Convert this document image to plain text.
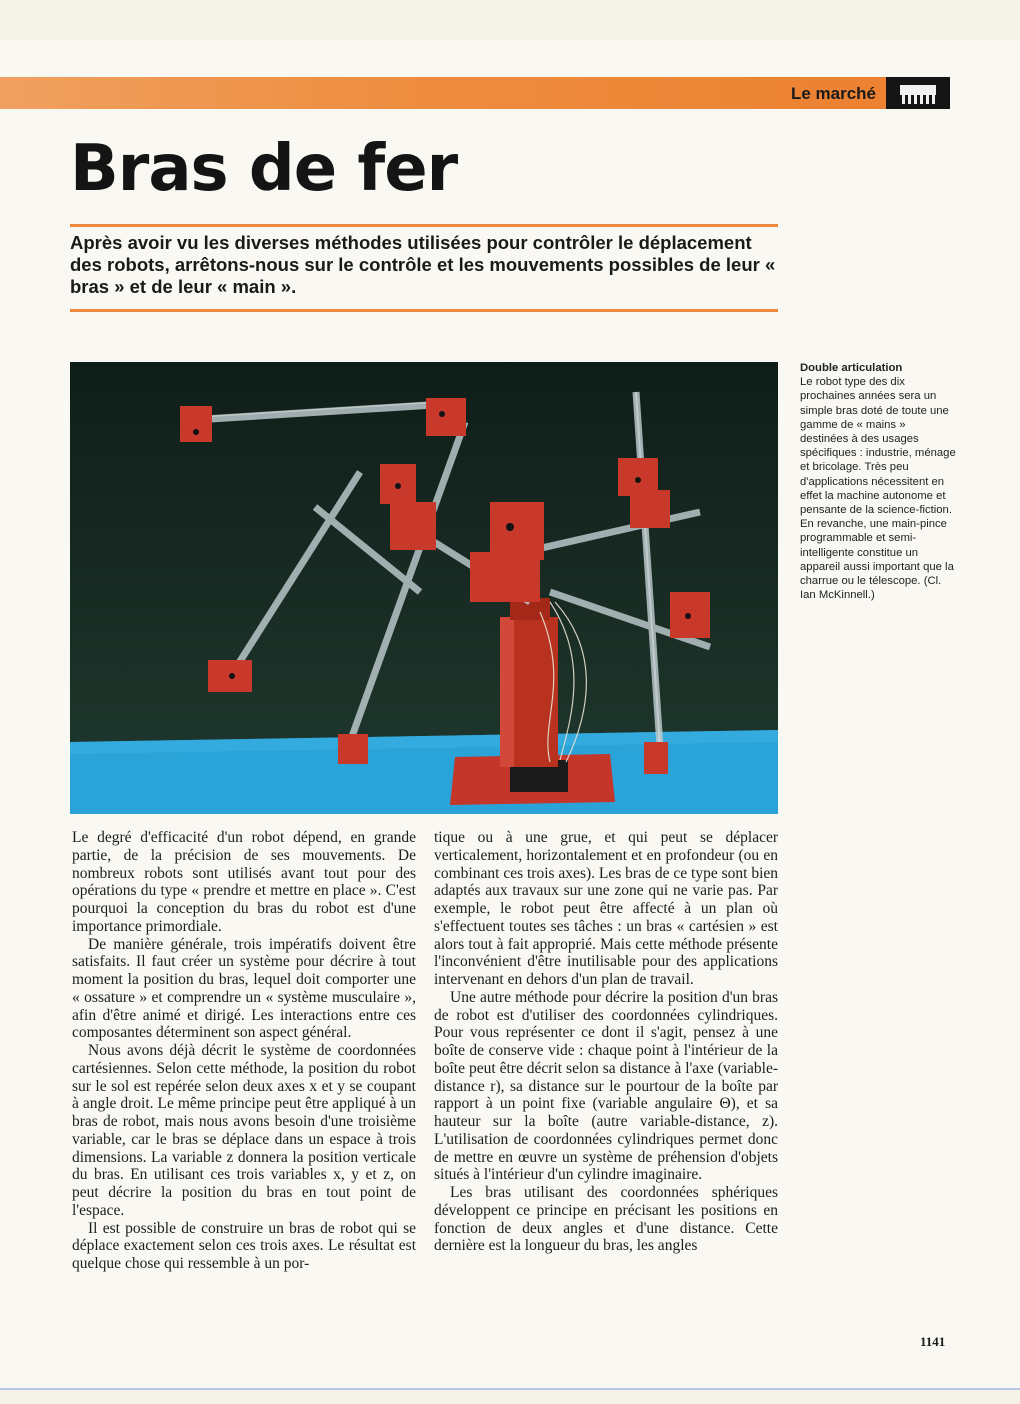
Le marché
Bras de fer

Après avoir vu les diverses méthodes utilisées pour contrôler le déplacement des robots, arrêtons-nous sur le contrôle et les mouvements possibles de leur « bras » et de leur « main ».

Double articulation
Le robot type des dix prochaines années sera un simple bras doté de toute une gamme de « mains » destinées à des usages spécifiques : industrie, ménage et bricolage. Très peu d'applications nécessitent en effet la machine autonome et pensante de la science-fiction. En revanche, une main-pince programmable et semi-intelligente constitue un appareil aussi important que la charrue ou le télescope. (Cl. Ian McKinnell.)

Le degré d'efficacité d'un robot dépend, en grande partie, de la précision de ses mouvements. De nombreux robots sont utilisés avant tout pour des opérations du type « prendre et mettre en place ». C'est pourquoi la conception du bras du robot est d'une importance primordiale.

De manière générale, trois impératifs doivent être satisfaits. Il faut créer un système pour décrire à tout moment la position du bras, lequel doit comporter une « ossature » et comprendre un « système musculaire », afin d'être animé et dirigé. Les interactions entre ces composantes déterminent son aspect général.

Nous avons déjà décrit le système de coordonnées cartésiennes. Selon cette méthode, la position du robot sur le sol est repérée selon deux axes x et y se coupant à angle droit. Le même principe peut être appliqué à un bras de robot, mais nous avons besoin d'une troisième variable, car le bras se déplace dans un espace à trois dimensions. La variable z donnera la position verticale du bras. En utilisant ces trois variables x, y et z, on peut décrire la position du bras en tout point de l'espace.

Il est possible de construire un bras de robot qui se déplace exactement selon ces trois axes. Le résultat est quelque chose qui ressemble à un por-

tique ou à une grue, et qui peut se déplacer verticalement, horizontalement et en profondeur (ou en combinant ces trois axes). Les bras de ce type sont bien adaptés aux travaux sur une zone qui ne varie pas. Par exemple, le robot peut être affecté à un plan où s'effectuent toutes ses tâches : un bras « cartésien » est alors tout à fait approprié. Mais cette méthode présente l'inconvénient d'être inutilisable pour des applications intervenant en dehors d'un plan de travail.

Une autre méthode pour décrire la position d'un bras de robot est d'utiliser des coordonnées cylindriques. Pour vous représenter ce dont il s'agit, pensez à une boîte de conserve vide : chaque point à l'intérieur de la boîte peut être décrit selon sa distance à l'axe (variable-distance r), sa distance sur le pourtour de la boîte par rapport à un point fixe (variable angulaire Θ), et sa hauteur sur la boîte (autre variable-distance, z). L'utilisation de coordonnées cylindriques permet donc de mettre en œuvre un système de préhension d'objets situés à l'intérieur d'un cylindre imaginaire.

Les bras utilisant des coordonnées sphériques développent ce principe en précisant les positions en fonction de deux angles et d'une distance. Cette dernière est la longueur du bras, les angles

1141
